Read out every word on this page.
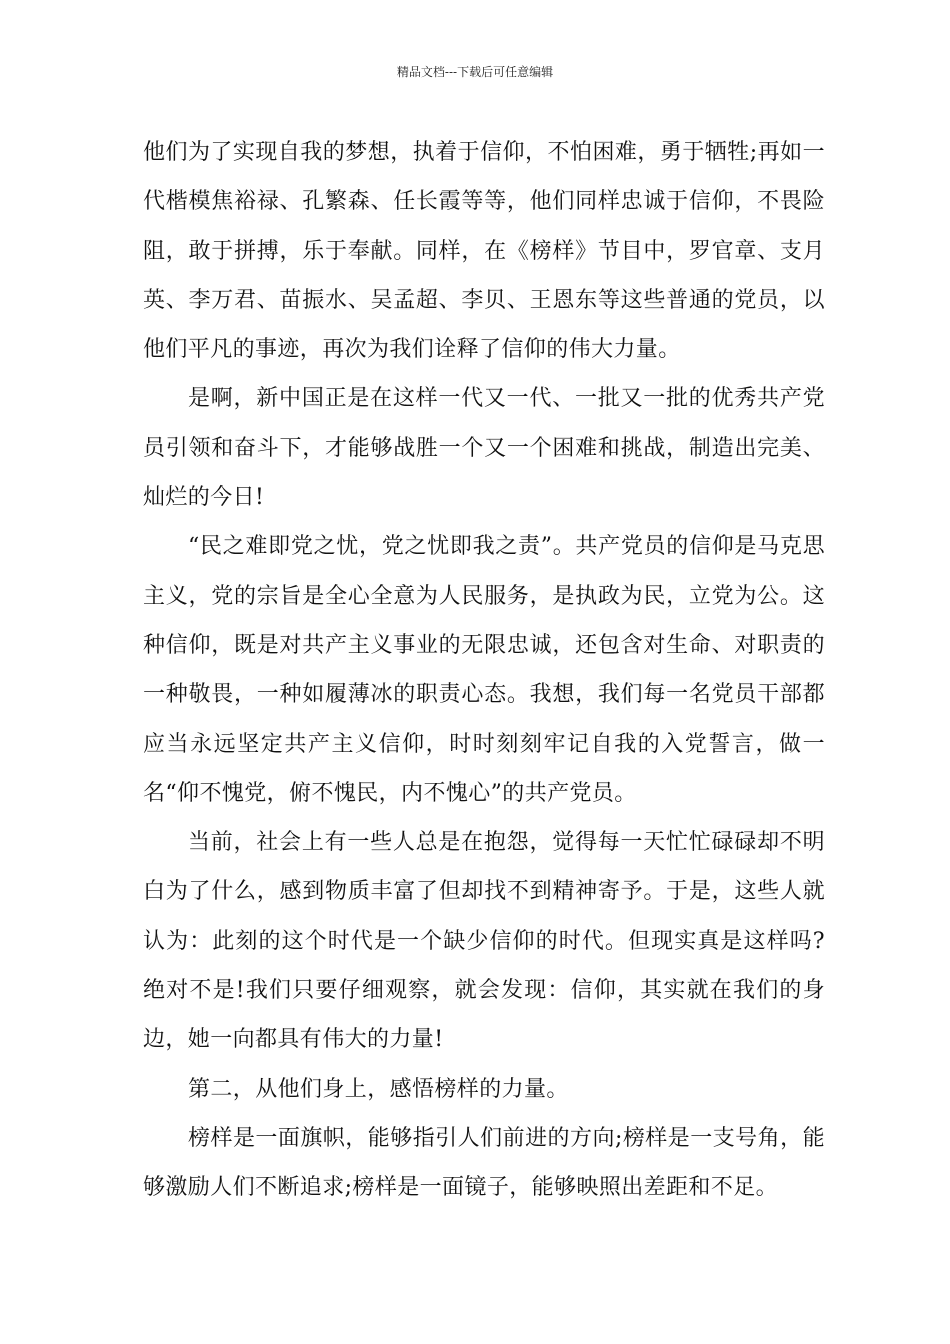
精品文档---下载后可任意编辑

他们为了实现自我的梦想，执着于信仰，不怕困难，勇于牺牲;再如一代楷模焦裕禄、孔繁森、任长霞等等，他们同样忠诚于信仰，不畏险阻，敢于拼搏，乐于奉献。同样，在《榜样》节目中，罗官章、支月英、李万君、苗振水、吴孟超、李贝、王恩东等这些普通的党员，以他们平凡的事迹，再次为我们诠释了信仰的伟大力量。

是啊，新中国正是在这样一代又一代、一批又一批的优秀共产党员引领和奋斗下，才能够战胜一个又一个困难和挑战，制造出完美、灿烂的今日!

“民之难即党之忧，党之忧即我之责”。共产党员的信仰是马克思主义，党的宗旨是全心全意为人民服务，是执政为民，立党为公。这种信仰，既是对共产主义事业的无限忠诚，还包含对生命、对职责的一种敬畏，一种如履薄冰的职责心态。我想，我们每一名党员干部都应当永远坚定共产主义信仰，时时刻刻牢记自我的入党誓言，做一名“仰不愧党，俯不愧民，内不愧心”的共产党员。

当前，社会上有一些人总是在抱怨，觉得每一天忙忙碌碌却不明白为了什么，感到物质丰富了但却找不到精神寄予。于是，这些人就认为：此刻的这个时代是一个缺少信仰的时代。但现实真是这样吗?绝对不是!我们只要仔细观察，就会发现：信仰，其实就在我们的身边，她一向都具有伟大的力量!

第二，从他们身上，感悟榜样的力量。

榜样是一面旗帜，能够指引人们前进的方向;榜样是一支号角，能够激励人们不断追求;榜样是一面镜子，能够映照出差距和不足。
